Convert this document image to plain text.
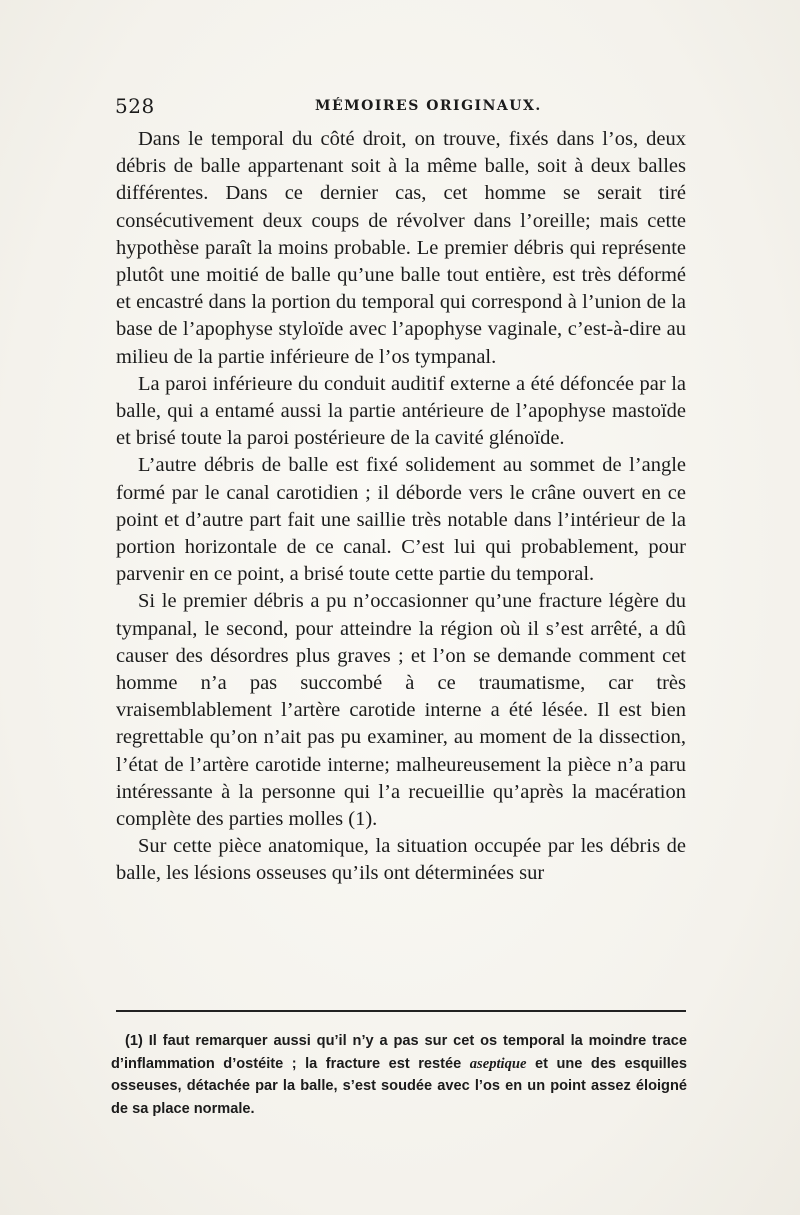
528	MÉMOIRES ORIGINAUX.

Dans le temporal du côté droit, on trouve, fixés dans l’os, deux débris de balle appartenant soit à la même balle, soit à deux balles différentes. Dans ce dernier cas, cet homme se serait tiré consécutivement deux coups de révolver dans l’oreille; mais cette hypothèse paraît la moins probable. Le premier débris qui représente plutôt une moitié de balle qu’une balle tout entière, est très déformé et encastré dans la portion du temporal qui correspond à l’union de la base de l’apophyse styloïde avec l’apophyse vaginale, c’est-à-dire au milieu de la partie inférieure de l’os tympanal.

La paroi inférieure du conduit auditif externe a été défoncée par la balle, qui a entamé aussi la partie antérieure de l’apophyse mastoïde et brisé toute la paroi postérieure de la cavité glénoïde.

L’autre débris de balle est fixé solidement au sommet de l’angle formé par le canal carotidien ; il déborde vers le crâne ouvert en ce point et d’autre part fait une saillie très notable dans l’intérieur de la portion horizontale de ce canal. C’est lui qui probablement, pour parvenir en ce point, a brisé toute cette partie du temporal.

Si le premier débris a pu n’occasionner qu’une fracture légère du tympanal, le second, pour atteindre la région où il s’est arrêté, a dû causer des désordres plus graves ; et l’on se demande comment cet homme n’a pas succombé à ce traumatisme, car très vraisemblablement l’artère carotide interne a été lésée. Il est bien regrettable qu’on n’ait pas pu examiner, au moment de la dissection, l’état de l’artère carotide interne; malheureusement la pièce n’a paru intéressante à la personne qui l’a recueillie qu’après la macération complète des parties molles (1).

Sur cette pièce anatomique, la situation occupée par les débris de balle, les lésions osseuses qu’ils ont déterminées sur

(1) Il faut remarquer aussi qu’il n’y a pas sur cet os temporal la moindre trace d’inflammation d’ostéite ; la fracture est restée aseptique et une des esquilles osseuses, détachée par la balle, s’est soudée avec l’os en un point assez éloigné de sa place normale.
